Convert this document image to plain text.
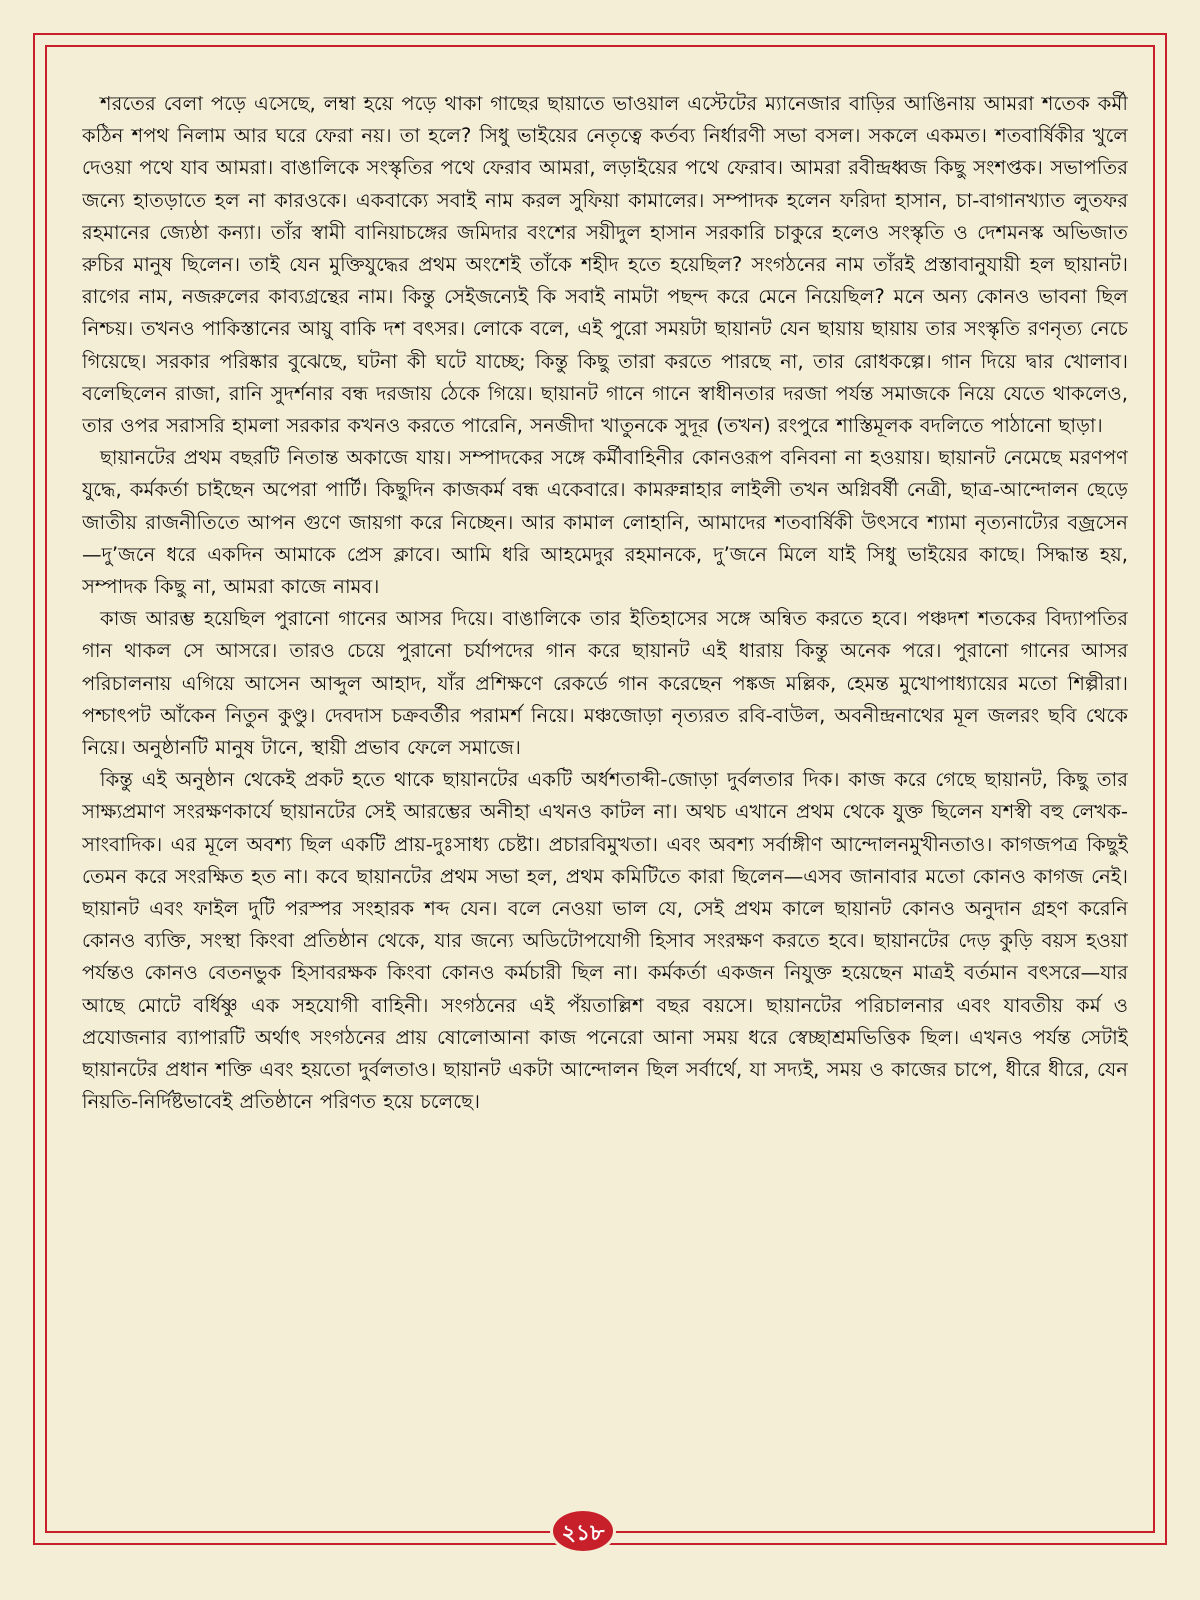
শরতের বেলা পড়ে এসেছে, লম্বা হয়ে পড়ে থাকা গাছের ছায়াতে ভাওয়াল এস্টেটের ম্যানেজার বাড়ির আঙিনায় আমরা শতেক কর্মী কঠিন শপথ নিলাম আর ঘরে ফেরা নয়। তা হলে? সিধু ভাইয়ের নেতৃত্বে কর্তব্য নির্ধারণী সভা বসল। সকলে একমত। শতবার্ষিকীর খুলে দেওয়া পথে যাব আমরা। বাঙালিকে সংস্কৃতির পথে ফেরাব আমরা, লড়াইয়ের পথে ফেরাব। আমরা রবীন্দ্রধ্বজ কিছু সংশপ্তক। সভাপতির জন্যে হাতড়াতে হল না কারওকে। একবাক্যে সবাই নাম করল সুফিয়া কামালের। সম্পাদক হলেন ফরিদা হাসান, চা-বাগানখ্যাত লুতফর রহমানের জ্যেষ্ঠা কন্যা। তাঁর স্বামী বানিয়াচঙ্গের জমিদার বংশের সয়ীদুল হাসান সরকারি চাকুরে হলেও সংস্কৃতি ও দেশমনস্ক অভিজাত রুচির মানুষ ছিলেন। তাই যেন মুক্তিযুদ্ধের প্রথম অংশেই তাঁকে শহীদ হতে হয়েছিল? সংগঠনের নাম তাঁরই প্রস্তাবানুযায়ী হল ছায়ানট। রাগের নাম, নজরুলের কাব্যগ্রন্থের নাম। কিন্তু সেইজন্যেই কি সবাই নামটা পছন্দ করে মেনে নিয়েছিল? মনে অন্য কোনও ভাবনা ছিল নিশ্চয়। তখনও পাকিস্তানের আয়ু বাকি দশ বৎসর। লোকে বলে, এই পুরো সময়টা ছায়ানট যেন ছায়ায় ছায়ায় তার সংস্কৃতি রণনৃত্য নেচে গিয়েছে। সরকার পরিষ্কার বুঝেছে, ঘটনা কী ঘটে যাচ্ছে; কিন্তু কিছু তারা করতে পারছে না, তার রোধকল্পে। গান দিয়ে দ্বার খোলাব। বলেছিলেন রাজা, রানি সুদর্শনার বন্ধ দরজায় ঠেকে গিয়ে। ছায়ানট গানে গানে স্বাধীনতার দরজা পর্যন্ত সমাজকে নিয়ে যেতে থাকলেও, তার ওপর সরাসরি হামলা সরকার কখনও করতে পারেনি, সনজীদা খাতুনকে সুদূর (তখন) রংপুরে শাস্তিমূলক বদলিতে পাঠানো ছাড়া।

ছায়ানটের প্রথম বছরটি নিতান্ত অকাজে যায়। সম্পাদকের সঙ্গে কর্মীবাহিনীর কোনওরূপ বনিবনা না হওয়ায়। ছায়ানট নেমেছে মরণপণ যুদ্ধে, কর্মকর্তা চাইছেন অপেরা পার্টি। কিছুদিন কাজকর্ম বন্ধ একেবারে। কামরুন্নাহার লাইলী তখন অগ্নিবর্ষী নেত্রী, ছাত্র-আন্দোলন ছেড়ে জাতীয় রাজনীতিতে আপন গুণে জায়গা করে নিচ্ছেন। আর কামাল লোহানি, আমাদের শতবার্ষিকী উৎসবে শ্যামা নৃত্যনাট্যের বজ্রসেন—দু’জনে ধরে একদিন আমাকে প্রেস ক্লাবে। আমি ধরি আহমেদুর রহমানকে, দু’জনে মিলে যাই সিধু ভাইয়ের কাছে। সিদ্ধান্ত হয়, সম্পাদক কিছু না, আমরা কাজে নামব।

কাজ আরম্ভ হয়েছিল পুরানো গানের আসর দিয়ে। বাঙালিকে তার ইতিহাসের সঙ্গে অন্বিত করতে হবে। পঞ্চদশ শতকের বিদ্যাপতির গান থাকল সে আসরে। তারও চেয়ে পুরানো চর্যাপদের গান করে ছায়ানট এই ধারায় কিন্তু অনেক পরে। পুরানো গানের আসর পরিচালনায় এগিয়ে আসেন আব্দুল আহাদ, যাঁর প্রশিক্ষণে রেকর্ডে গান করেছেন পঙ্কজ মল্লিক, হেমন্ত মুখোপাধ্যায়ের মতো শিল্পীরা। পশ্চাৎপট আঁকেন নিতুন কুণ্ডু। দেবদাস চক্রবর্তীর পরামর্শ নিয়ে। মঞ্চজোড়া নৃত্যরত রবি-বাউল, অবনীন্দ্রনাথের মূল জলরং ছবি থেকে নিয়ে। অনুষ্ঠানটি মানুষ টানে, স্থায়ী প্রভাব ফেলে সমাজে।

কিন্তু এই অনুষ্ঠান থেকেই প্রকট হতে থাকে ছায়ানটের একটি অর্ধশতাব্দী-জোড়া দুর্বলতার দিক। কাজ করে গেছে ছায়ানট, কিছু তার সাক্ষ্যপ্রমাণ সংরক্ষণকার্যে ছায়ানটের সেই আরম্ভের অনীহা এখনও কাটল না। অথচ এখানে প্রথম থেকে যুক্ত ছিলেন যশস্বী বহু লেখক-সাংবাদিক। এর মূলে অবশ্য ছিল একটি প্রায়-দুঃসাধ্য চেষ্টা। প্রচারবিমুখতা। এবং অবশ্য সর্বাঙ্গীণ আন্দোলনমুখীনতাও। কাগজপত্র কিছুই তেমন করে সংরক্ষিত হত না। কবে ছায়ানটের প্রথম সভা হল, প্রথম কমিটিতে কারা ছিলেন—এসব জানাবার মতো কোনও কাগজ নেই। ছায়ানট এবং ফাইল দুটি পরস্পর সংহারক শব্দ যেন। বলে নেওয়া ভাল যে, সেই প্রথম কালে ছায়ানট কোনও অনুদান গ্রহণ করেনি কোনও ব্যক্তি, সংস্থা কিংবা প্রতিষ্ঠান থেকে, যার জন্যে অডিটোপযোগী হিসাব সংরক্ষণ করতে হবে। ছায়ানটের দেড় কুড়ি বয়স হওয়া পর্যন্তও কোনও বেতনভুক হিসাবরক্ষক কিংবা কোনও কর্মচারী ছিল না। কর্মকর্তা একজন নিযুক্ত হয়েছেন মাত্রই বর্তমান বৎসরে—যার আছে মোটে বর্ধিষ্ণু এক সহযোগী বাহিনী। সংগঠনের এই পঁয়তাল্লিশ বছর বয়সে। ছায়ানটের পরিচালনার এবং যাবতীয় কর্ম ও প্রযোজনার ব্যাপারটি অর্থাৎ সংগঠনের প্রায় ষোলোআনা কাজ পনেরো আনা সময় ধরে স্বেচ্ছাশ্রমভিত্তিক ছিল। এখনও পর্যন্ত সেটাই ছায়ানটের প্রধান শক্তি এবং হয়তো দুর্বলতাও। ছায়ানট একটা আন্দোলন ছিল সর্বার্থে, যা সদ্যই, সময় ও কাজের চাপে, ধীরে ধীরে, যেন নিয়তি-নির্দিষ্টভাবেই প্রতিষ্ঠানে পরিণত হয়ে চলেছে।

২১৮
